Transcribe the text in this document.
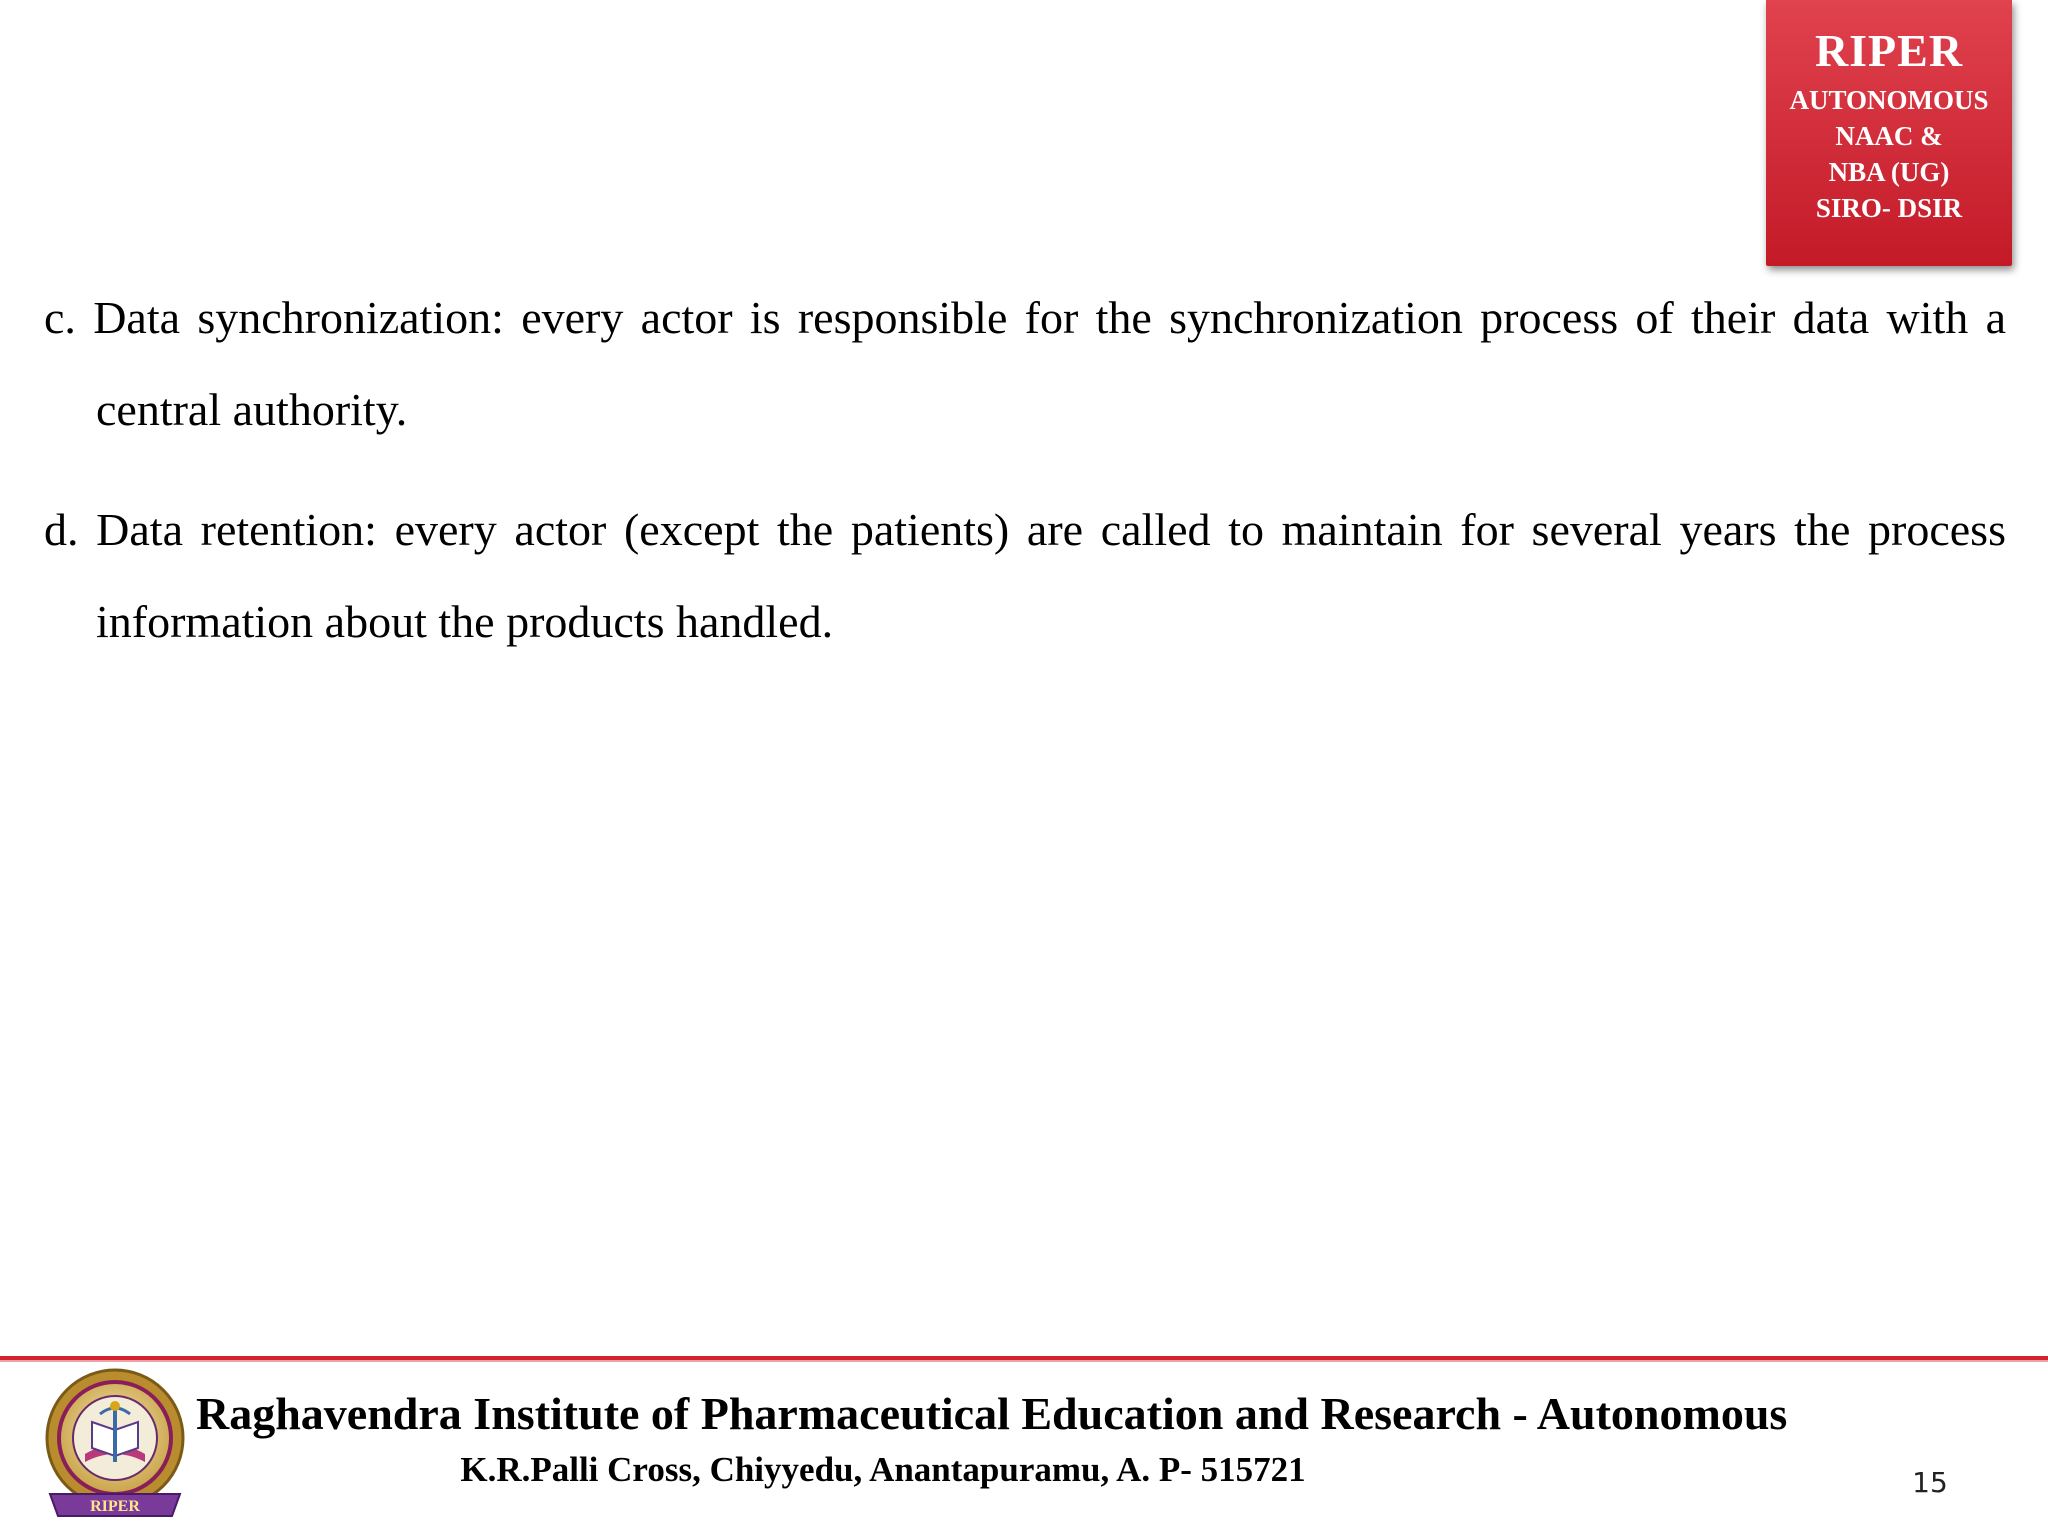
RIPER
AUTONOMOUS
NAAC &
NBA (UG)
SIRO- DSIR

c. Data synchronization: every actor is responsible for the synchronization process of their data with a central authority.

d. Data retention: every actor (except the patients) are called to maintain for several years the process information about the products handled.

RIPER
Raghavendra Institute of Pharmaceutical Education and Research - Autonomous
K.R.Palli Cross, Chiyyedu, Anantapuramu, A. P- 515721	15
